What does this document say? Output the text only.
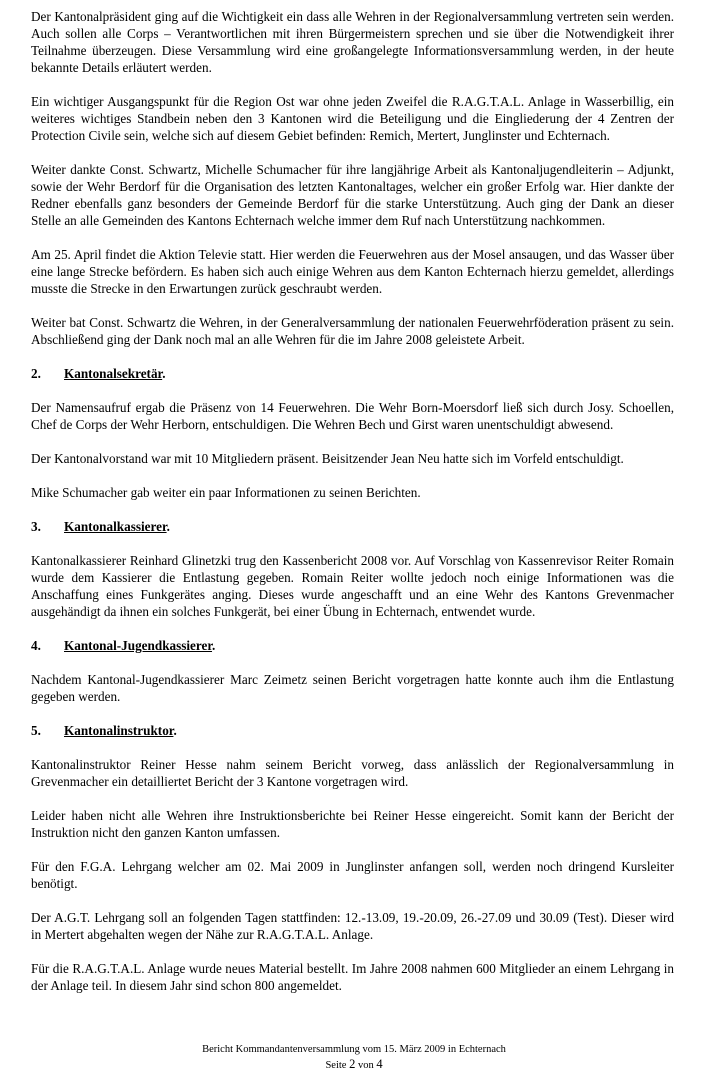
Der Kantonalpräsident ging auf die Wichtigkeit ein dass alle Wehren in der Regionalversammlung vertreten sein werden. Auch sollen alle Corps – Verantwortlichen mit ihren Bürgermeistern sprechen und sie über die Notwendigkeit ihrer Teilnahme überzeugen. Diese Versammlung wird eine großangelegte Informationsversammlung werden, in der heute bekannte Details erläutert werden.

Ein wichtiger Ausgangspunkt für die Region Ost war ohne jeden Zweifel die R.A.G.T.A.L. Anlage in Wasserbillig, ein weiteres wichtiges Standbein neben den 3 Kantonen wird die Beteiligung und die Eingliederung der 4 Zentren der Protection Civile sein, welche sich auf diesem Gebiet befinden: Remich, Mertert, Junglinster und Echternach.

Weiter dankte Const. Schwartz, Michelle Schumacher für ihre langjährige Arbeit als Kantonaljugendleiterin – Adjunkt, sowie der Wehr Berdorf für die Organisation des letzten Kantonaltages, welcher ein großer Erfolg war. Hier dankte der Redner ebenfalls ganz besonders der Gemeinde Berdorf für die starke Unterstützung. Auch ging der Dank an dieser Stelle an alle Gemeinden des Kantons Echternach welche immer dem Ruf nach Unterstützung nachkommen.

Am 25. April findet die Aktion Televie statt. Hier werden die Feuerwehren aus der Mosel ansaugen, und das Wasser über eine lange Strecke befördern. Es haben sich auch einige Wehren aus dem Kanton Echternach hierzu gemeldet, allerdings musste die Strecke in den Erwartungen zurück geschraubt werden.

Weiter bat Const. Schwartz die Wehren, in der Generalversammlung der nationalen Feuerwehrföderation präsent zu sein. Abschließend ging der Dank noch mal an alle Wehren für die im Jahre 2008 geleistete Arbeit.

2.	Kantonalsekretär.

Der Namensaufruf ergab die Präsenz von 14 Feuerwehren. Die Wehr Born-Moersdorf ließ sich durch Josy. Schoellen, Chef de Corps der Wehr Herborn, entschuldigen. Die Wehren Bech und Girst waren unentschuldigt abwesend.

Der Kantonalvorstand war mit 10 Mitgliedern präsent. Beisitzender Jean Neu hatte sich im Vorfeld entschuldigt.

Mike Schumacher gab weiter ein paar Informationen zu seinen Berichten.

3.	Kantonalkassierer.

Kantonalkassierer Reinhard Glinetzki trug den Kassenbericht 2008 vor. Auf Vorschlag von Kassenrevisor Reiter Romain wurde dem Kassierer die Entlastung gegeben. Romain Reiter wollte jedoch noch einige Informationen was die Anschaffung eines Funkgerätes anging. Dieses wurde angeschafft und an eine Wehr des Kantons Grevenmacher ausgehändigt da ihnen ein solches Funkgerät, bei einer Übung in Echternach, entwendet wurde.

4.	Kantonal-Jugendkassierer.

Nachdem Kantonal-Jugendkassierer Marc Zeimetz seinen Bericht vorgetragen hatte konnte auch ihm die Entlastung gegeben werden.

5.	Kantonalinstruktor.

Kantonalinstruktor Reiner Hesse nahm seinem Bericht vorweg, dass anlässlich der Regionalversammlung in Grevenmacher ein detailliertet Bericht der 3 Kantone vorgetragen wird.

Leider haben nicht alle Wehren ihre Instruktionsberichte bei Reiner Hesse eingereicht. Somit kann der Bericht der Instruktion nicht den ganzen Kanton umfassen.

Für den F.G.A. Lehrgang welcher am 02. Mai 2009 in Junglinster anfangen soll, werden noch dringend Kursleiter benötigt.

Der A.G.T. Lehrgang soll an folgenden Tagen stattfinden: 12.-13.09, 19.-20.09, 26.-27.09 und 30.09 (Test). Dieser wird in Mertert abgehalten wegen der Nähe zur R.A.G.T.A.L. Anlage.

Für die R.A.G.T.A.L. Anlage wurde neues Material bestellt. Im Jahre 2008 nahmen 600 Mitglieder an einem Lehrgang in der Anlage teil. In diesem Jahr sind schon 800 angemeldet.

Bericht Kommandantenversammlung vom 15. März 2009 in Echternach
Seite 2 von 4
